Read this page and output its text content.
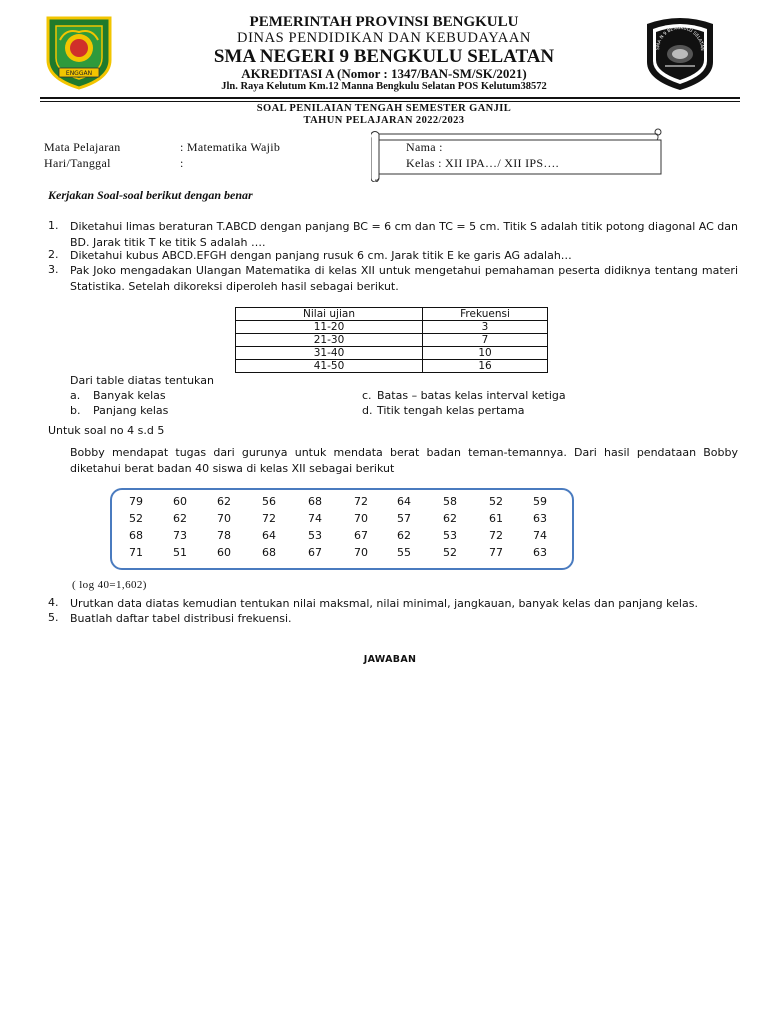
ENGGAN
PEMERINTAH PROVINSI BENGKULU
DINAS PENDIDIKAN DAN KEBUDAYAAN
SMA NEGERI 9 BENGKULU SELATAN
AKREDITASI A (Nomor : 1347/BAN-SM/SK/2021)
Jln. Raya Kelutum Km.12 Manna Bengkulu Selatan POS Kelutum38572
SMA N 9 BENGKULU SELATAN
SOAL PENILAIAN TENGAH SEMESTER GANJIL
TAHUN PELAJARAN 2022/2023
Mata Pelajaran	: Matematika Wajib
Hari/Tanggal	:
Nama :
Kelas : XII IPA…/ XII IPS….
Kerjakan Soal-soal berikut dengan benar
1. Diketahui limas beraturan T.ABCD dengan panjang BC = 6 cm dan TC = 5 cm. Titik S adalah titik potong diagonal AC dan BD. Jarak titik T ke titik S adalah ….
2. Diketahui kubus ABCD.EFGH dengan panjang rusuk 6 cm. Jarak titik E ke garis AG adalah…
3. Pak Joko mengadakan Ulangan Matematika di kelas XII untuk mengetahui pemahaman peserta didiknya tentang materi Statistika. Setelah dikoreksi diperoleh hasil sebagai berikut.
Nilai ujian	Frekuensi
11-20	3
21-30	7
31-40	10
41-50	16
Dari table diatas tentukan
a. Banyak kelas
b. Panjang kelas
c. Batas – batas kelas interval ketiga
d. Titik tengah kelas pertama
Untuk soal no 4 s.d 5
Bobby mendapat tugas dari gurunya untuk mendata berat badan teman-temannya. Dari hasil pendataan Bobby diketahui berat badan 40 siswa di kelas XII sebagai berikut
79	60	62	56	68	72	64	58	52	59
52	62	70	72	74	70	57	62	61	63
68	73	78	64	53	67	62	53	72	74
71	51	60	68	67	70	55	52	77	63
( log 40=1,602)
4. Urutkan data diatas kemudian tentukan nilai maksmal, nilai minimal, jangkauan, banyak kelas dan panjang kelas.
5. Buatlah daftar tabel distribusi frekuensi.
JAWABAN
